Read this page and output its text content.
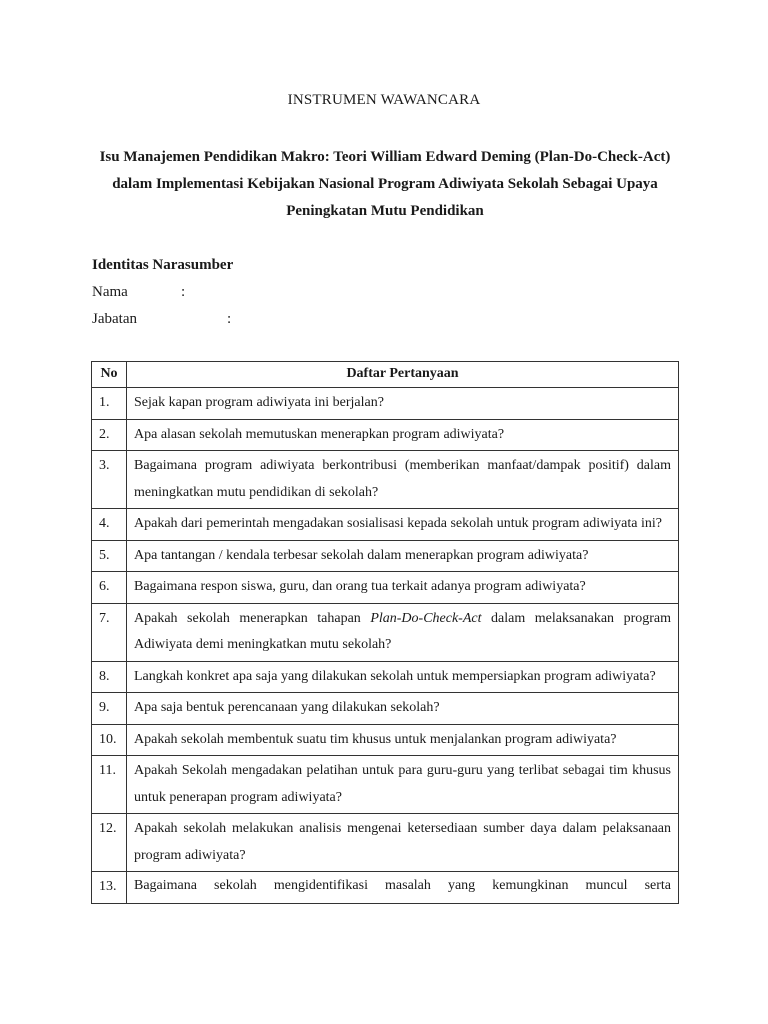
INSTRUMEN WAWANCARA
Isu Manajemen Pendidikan Makro: Teori William Edward Deming (Plan-Do-Check-Act)
dalam Implementasi Kebijakan Nasional Program Adiwiyata Sekolah Sebagai Upaya
Peningkatan Mutu Pendidikan
Identitas Narasumber
Nama	:
Jabatan	:
No	Daftar Pertanyaan
1.	Sejak kapan program adiwiyata ini berjalan?
2.	Apa alasan sekolah memutuskan menerapkan program adiwiyata?
3.	Bagaimana program adiwiyata berkontribusi (memberikan manfaat/dampak positif) dalam meningkatkan mutu pendidikan di sekolah?
4.	Apakah dari pemerintah mengadakan sosialisasi kepada sekolah untuk program adiwiyata ini?
5.	Apa tantangan / kendala terbesar sekolah dalam menerapkan program adiwiyata?
6.	Bagaimana respon siswa, guru, dan orang tua terkait adanya program adiwiyata?
7.	Apakah sekolah menerapkan tahapan Plan-Do-Check-Act dalam melaksanakan program Adiwiyata demi meningkatkan mutu sekolah?
8.	Langkah konkret apa saja yang dilakukan sekolah untuk mempersiapkan program adiwiyata?
9.	Apa saja bentuk perencanaan yang dilakukan sekolah?
10.	Apakah sekolah membentuk suatu tim khusus untuk menjalankan program adiwiyata?
11.	Apakah Sekolah mengadakan pelatihan untuk para guru-guru yang terlibat sebagai tim khusus untuk penerapan program adiwiyata?
12.	Apakah sekolah melakukan analisis mengenai ketersediaan sumber daya dalam pelaksanaan program adiwiyata?
13.	Bagaimana sekolah mengidentifikasi masalah yang kemungkinan muncul serta
